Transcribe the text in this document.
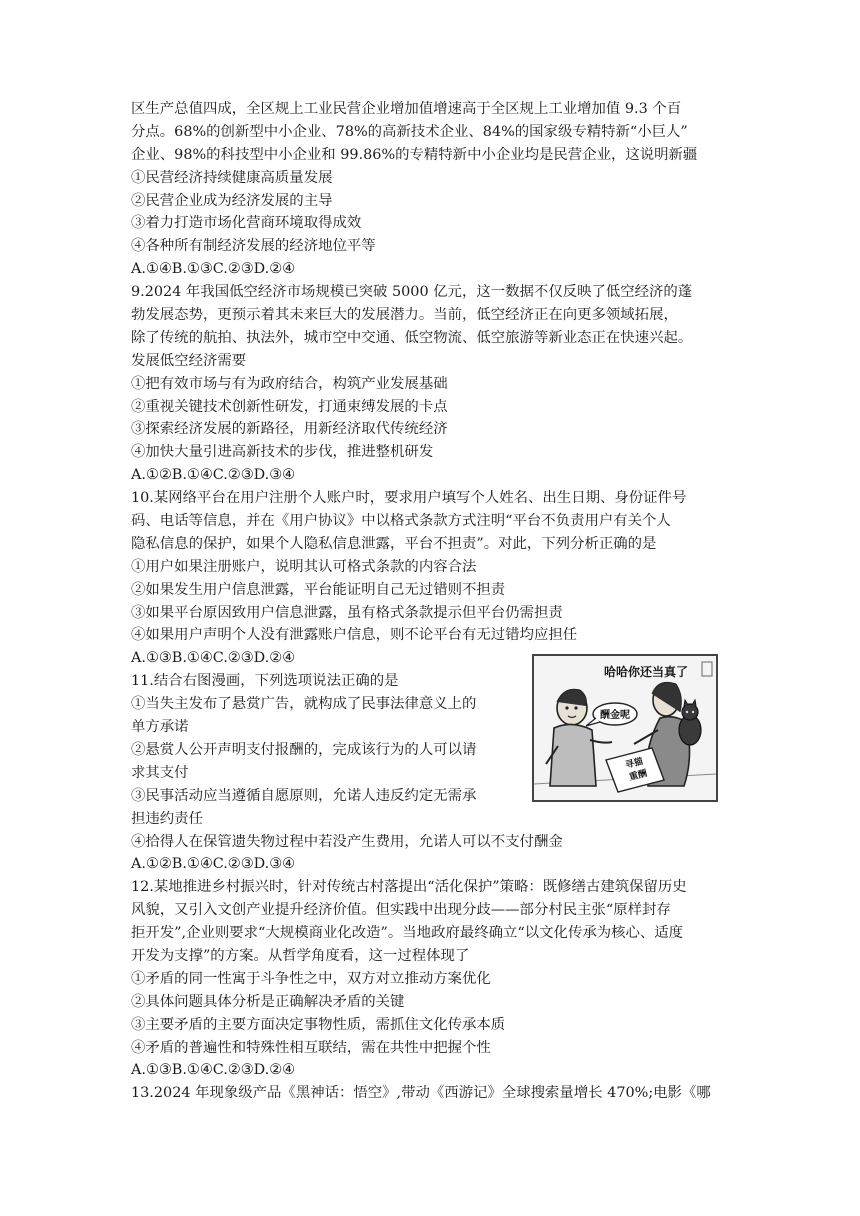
区生产总值四成，全区规上工业民营企业增加值增速高于全区规上工业增加值 9.3 个百
分点。68%的创新型中小企业、78%的高新技术企业、84%的国家级专精特新“小巨人”
企业、98%的科技型中小企业和 99.86%的专精特新中小企业均是民营企业，这说明新疆
①民营经济持续健康高质量发展
②民营企业成为经济发展的主导
③着力打造市场化营商环境取得成效
④各种所有制经济发展的经济地位平等
A.①④B.①③C.②③D.②④
9.2024 年我国低空经济市场规模已突破 5000 亿元，这一数据不仅反映了低空经济的蓬
勃发展态势，更预示着其未来巨大的发展潜力。当前，低空经济正在向更多领域拓展，
除了传统的航拍、执法外，城市空中交通、低空物流、低空旅游等新业态正在快速兴起。
发展低空经济需要
①把有效市场与有为政府结合，构筑产业发展基础
②重视关键技术创新性研发，打通束缚发展的卡点
③探索经济发展的新路径，用新经济取代传统经济
④加快大量引进高新技术的步伐，推进整机研发
A.①②B.①④C.②③D.③④
10.某网络平台在用户注册个人账户时，要求用户填写个人姓名、出生日期、身份证件号
码、电话等信息，并在《用户协议》中以格式条款方式注明“平台不负责用户有关个人
隐私信息的保护，如果个人隐私信息泄露，平台不担责”。对此，下列分析正确的是
①用户如果注册账户，说明其认可格式条款的内容合法
②如果发生用户信息泄露，平台能证明自己无过错则不担责
③如果平台原因致用户信息泄露，虽有格式条款提示但平台仍需担责
④如果用户声明个人没有泄露账户信息，则不论平台有无过错均应担任
A.①③B.①④C.②③D.②④
11.结合右图漫画，下列选项说法正确的是
①当失主发布了悬赏广告，就构成了民事法律意义上的
单方承诺
②悬赏人公开声明支付报酬的，完成该行为的人可以请
求其支付
③民事活动应当遵循自愿原则，允诺人违反约定无需承
担违约责任
④拾得人在保管遗失物过程中若没产生费用，允诺人可以不支付酬金
A.①②B.①④C.②③D.③④
12.某地推进乡村振兴时，针对传统古村落提出“活化保护”策略：既修缮古建筑保留历史
风貌，又引入文创产业提升经济价值。但实践中出现分歧——部分村民主张“原样封存
拒开发”,企业则要求“大规模商业化改造”。当地政府最终确立“以文化传承为核心、适度
开发为支撑”的方案。从哲学角度看，这一过程体现了
①矛盾的同一性寓于斗争性之中，双方对立推动方案优化
②具体问题具体分析是正确解决矛盾的关键
③主要矛盾的主要方面决定事物性质，需抓住文化传承本质
④矛盾的普遍性和特殊性相互联结，需在共性中把握个性
A.①③B.①④C.②③D.②④
13.2024 年现象级产品《黑神话：悟空》,带动《西游记》全球搜索量增长 470%;电影《哪
酬金呢
哈哈你还当真了
寻猫
重酬
